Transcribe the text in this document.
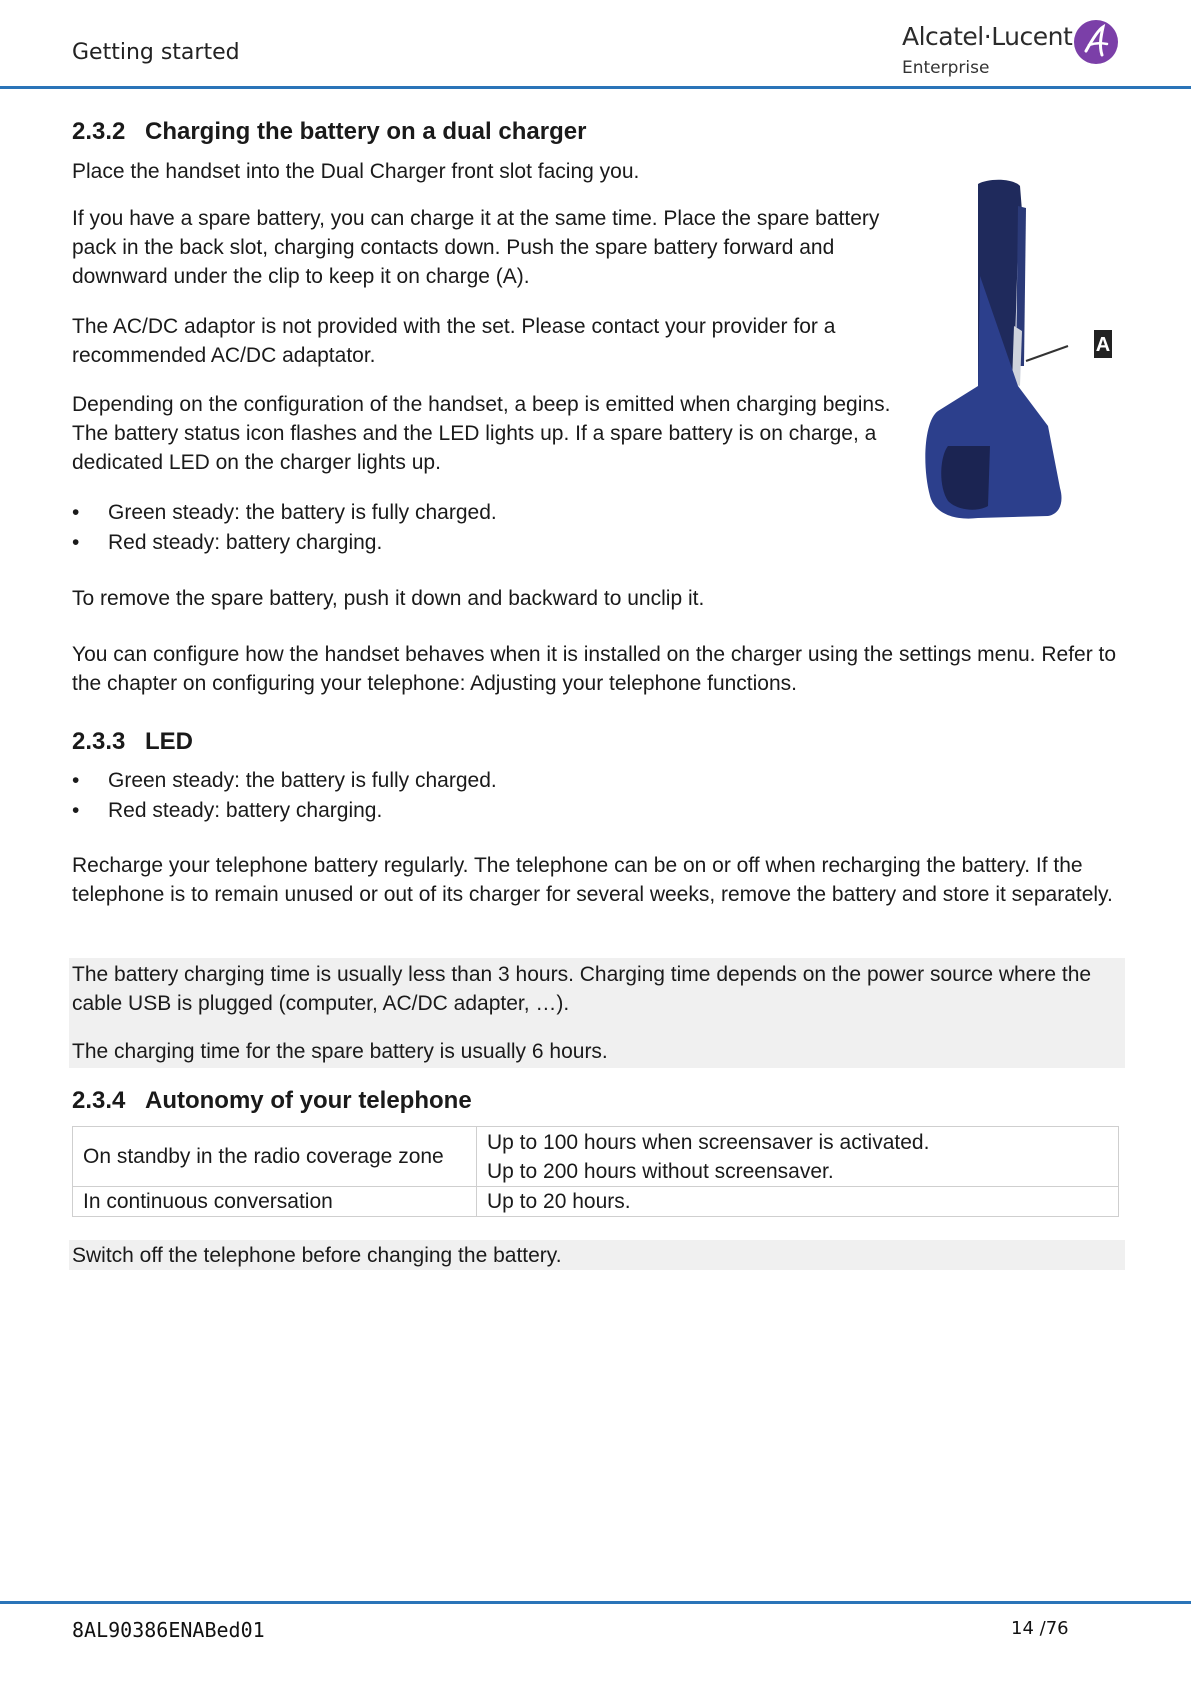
Getting started
Alcatel·Lucent
Enterprise
2.3.2 Charging the battery on a dual charger

Place the handset into the Dual Charger front slot facing you.

If you have a spare battery, you can charge it at the same time. Place the spare battery pack in the back slot, charging contacts down. Push the spare battery forward and downward under the clip to keep it on charge (A).

The AC/DC adaptor is not provided with the set. Please contact your provider for a recommended AC/DC adaptator.

Depending on the configuration of the handset, a beep is emitted when charging begins. The battery status icon flashes and the LED lights up. If a spare battery is on charge, a dedicated LED on the charger lights up.

• Green steady: the battery is fully charged.
• Red steady: battery charging.

To remove the spare battery, push it down and backward to unclip it.

You can configure how the handset behaves when it is installed on the charger using the settings menu. Refer to the chapter on configuring your telephone: Adjusting your telephone functions.

2.3.3 LED
• Green steady: the battery is fully charged.
• Red steady: battery charging.

Recharge your telephone battery regularly. The telephone can be on or off when recharging the battery. If the telephone is to remain unused or out of its charger for several weeks, remove the battery and store it separately.

The battery charging time is usually less than 3 hours. Charging time depends on the power source where the cable USB is plugged (computer, AC/DC adapter, …).

The charging time for the spare battery is usually 6 hours.

2.3.4 Autonomy of your telephone
On standby in the radio coverage zone	Up to 100 hours when screensaver is activated.
Up to 200 hours without screensaver.

In continuous conversation	Up to 20 hours.

Switch off the telephone before changing the battery.

A
8AL90386ENABed01	14 /76
